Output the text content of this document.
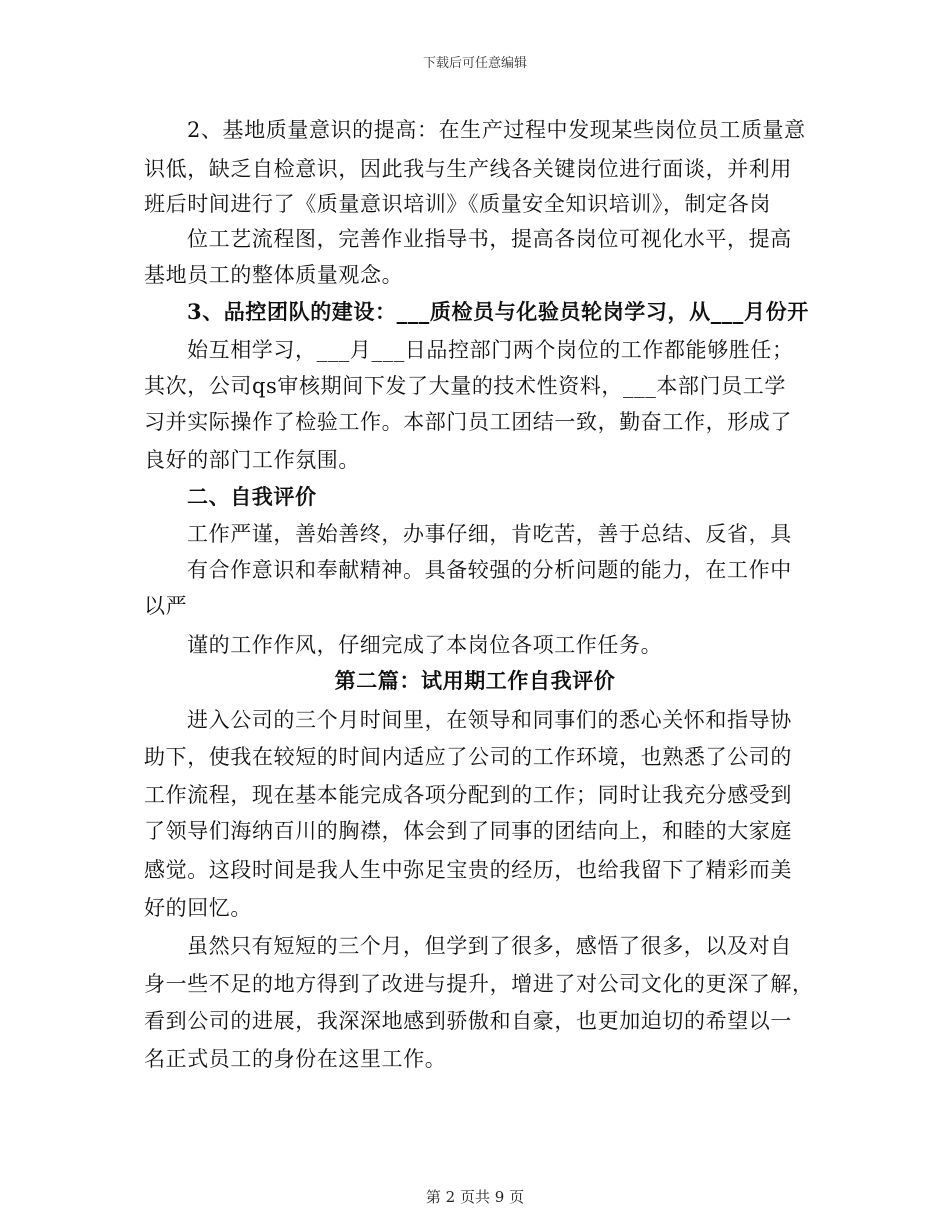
下载后可任意编辑
2、基地质量意识的提高：在生产过程中发现某些岗位员工质量意
识低，缺乏自检意识，因此我与生产线各关键岗位进行面谈，并利用
班后时间进行了《质量意识培训》《质量安全知识培训》，制定各岗
位工艺流程图，完善作业指导书，提高各岗位可视化水平，提高
基地员工的整体质量观念。
3、品控团队的建设：___质检员与化验员轮岗学习，从___月份开
始互相学习，___月___日品控部门两个岗位的工作都能够胜任；
其次，公司qs审核期间下发了大量的技术性资料，___本部门员工学
习并实际操作了检验工作。本部门员工团结一致，勤奋工作，形成了
良好的部门工作氛围。
二、自我评价
工作严谨，善始善终，办事仔细，肯吃苦，善于总结、反省，具
有合作意识和奉献精神。具备较强的分析问题的能力，在工作中
以严
谨的工作作风，仔细完成了本岗位各项工作任务。
第二篇：试用期工作自我评价
进入公司的三个月时间里，在领导和同事们的悉心关怀和指导协
助下，使我在较短的时间内适应了公司的工作环境，也熟悉了公司的
工作流程，现在基本能完成各项分配到的工作；同时让我充分感受到
了领导们海纳百川的胸襟，体会到了同事的团结向上，和睦的大家庭
感觉。这段时间是我人生中弥足宝贵的经历，也给我留下了精彩而美
好的回忆。
虽然只有短短的三个月，但学到了很多，感悟了很多，以及对自
身一些不足的地方得到了改进与提升，增进了对公司文化的更深了解，
看到公司的进展，我深深地感到骄傲和自豪，也更加迫切的希望以一
名正式员工的身份在这里工作。
第 2 页共 9 页
